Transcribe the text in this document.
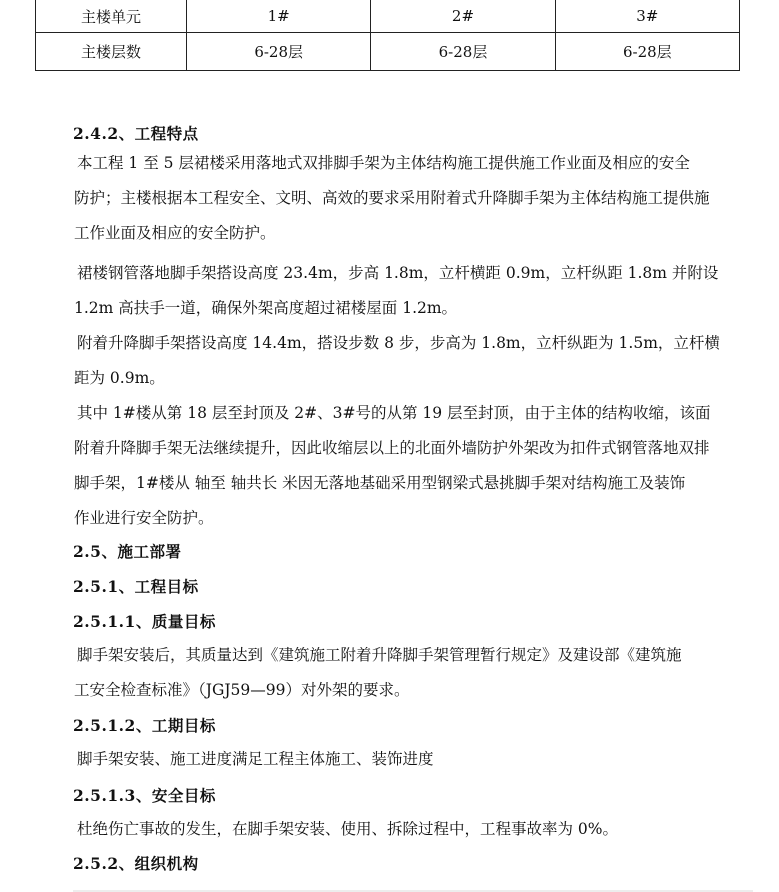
主楼单元	1#	2#	3#
主楼层数	6-28层	6-28层	6-28层
2.4.2、工程特点
本工程 1 至 5 层裙楼采用落地式双排脚手架为主体结构施工提供施工作业面及相应的安全
防护；主楼根据本工程安全、文明、高效的要求采用附着式升降脚手架为主体结构施工提供施
工作业面及相应的安全防护。
裙楼钢管落地脚手架搭设高度 23.4m，步高 1.8m，立杆横距 0.9m，立杆纵距 1.8m 并附设
1.2m 高扶手一道，确保外架高度超过裙楼屋面 1.2m。
附着升降脚手架搭设高度 14.4m，搭设步数 8 步，步高为 1.8m，立杆纵距为 1.5m，立杆横
距为 0.9m。
其中 1#楼从第 18 层至封顶及 2#、3#号的从第 19 层至封顶，由于主体的结构收缩，该面
附着升降脚手架无法继续提升，因此收缩层以上的北面外墙防护外架改为扣件式钢管落地双排
脚手架，1#楼从 轴至 轴共长 米因无落地基础采用型钢梁式悬挑脚手架对结构施工及装饰
作业进行安全防护。
2.5、施工部署
2.5.1、工程目标
2.5.1.1、质量目标
脚手架安装后，其质量达到《建筑施工附着升降脚手架管理暂行规定》及建设部《建筑施
工安全检查标准》（JGJ59—99）对外架的要求。
2.5.1.2、工期目标
脚手架安装、施工进度满足工程主体施工、装饰进度
2.5.1.3、安全目标
杜绝伤亡事故的发生，在脚手架安装、使用、拆除过程中，工程事故率为 0%。
2.5.2、组织机构
